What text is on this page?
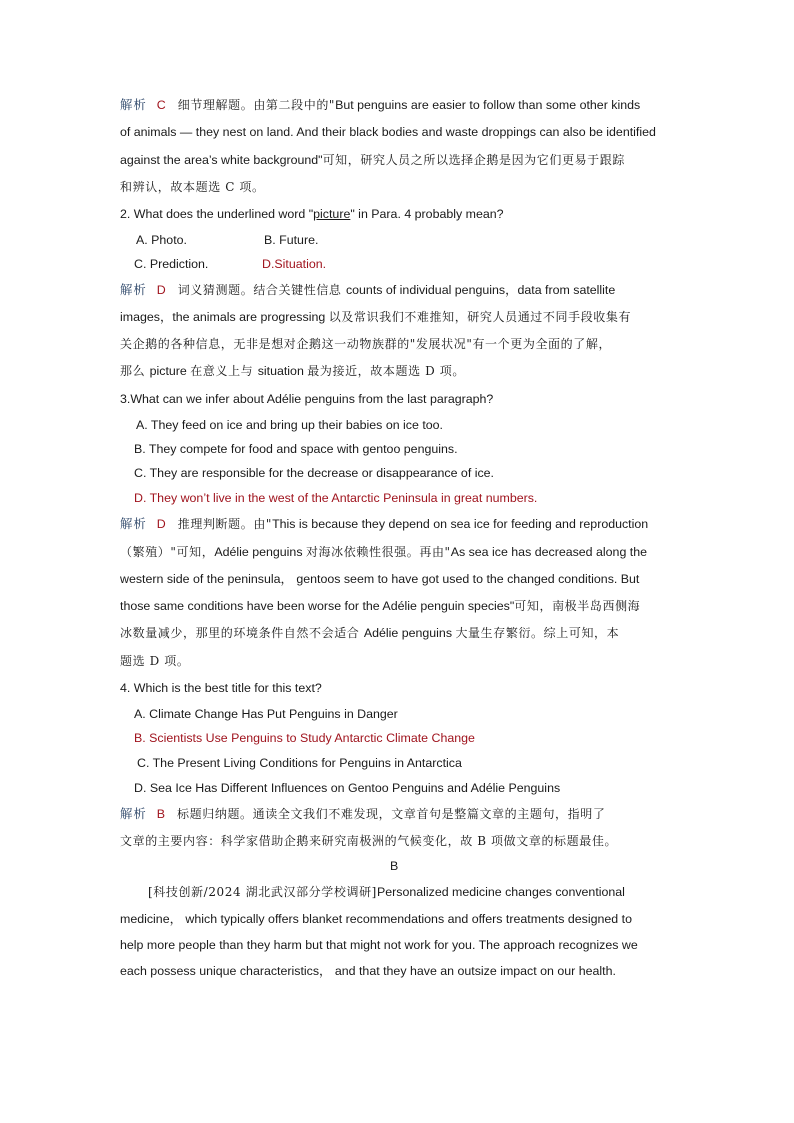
解析 C 细节理解题。由第二段中的"But penguins are easier to follow than some other kinds
of animals — they nest on land. And their black bodies and waste droppings can also be identified
against the area’s white background"可知，研究人员之所以选择企鹅是因为它们更易于跟踪
和辨认，故本题选 C 项。
2. What does the underlined word "picture" in Para. 4 probably mean?
A. Photo.	B. Future.
C. Prediction.	D.Situation.
解析 D 词义猜测题。结合关键性信息 counts of individual penguins，data from satellite
images，the animals are progressing 以及常识我们不难推知，研究人员通过不同手段收集有
关企鹅的各种信息，无非是想对企鹅这一动物族群的"发展状况"有一个更为全面的了解，
那么 picture 在意义上与 situation 最为接近，故本题选 D 项。
3.What can we infer about Adélie penguins from the last paragraph?
A. They feed on ice and bring up their babies on ice too.
B. They compete for food and space with gentoo penguins.
C. They are responsible for the decrease or disappearance of ice.
D. They won’t live in the west of the Antarctic Peninsula in great numbers.
解析 D 推理判断题。由"This is because they depend on sea ice for feeding and reproduction
（繁殖）"可知，Adélie penguins 对海冰依赖性很强。再由"As sea ice has decreased along the
western side of the peninsula， gentoos seem to have got used to the changed conditions. But
those same conditions have been worse for the Adélie penguin species"可知，南极半岛西侧海
冰数量减少，那里的环境条件自然不会适合 Adélie penguins 大量生存繁衍。综上可知，本
题选 D 项。
4. Which is the best title for this text?
A. Climate Change Has Put Penguins in Danger
B. Scientists Use Penguins to Study Antarctic Climate Change
C. The Present Living Conditions for Penguins in Antarctica
D. Sea Ice Has Different Influences on Gentoo Penguins and Adélie Penguins
解析 B 标题归纳题。通读全文我们不难发现，文章首句是整篇文章的主题句，指明了
文章的主要内容：科学家借助企鹅来研究南极洲的气候变化，故 B 项做文章的标题最佳。
B
[科技创新/2024 湖北武汉部分学校调研]Personalized medicine changes conventional
medicine， which typically offers blanket recommendations and offers treatments designed to
help more people than they harm but that might not work for you. The approach recognizes we
each possess unique characteristics， and that they have an outsize impact on our health.
